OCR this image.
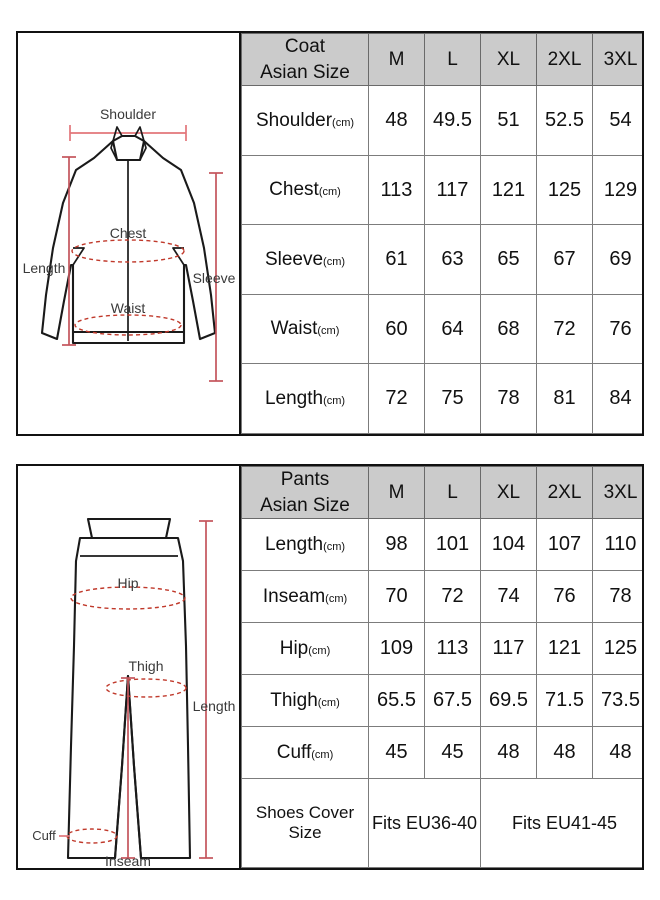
Chest
Waist
Length
Sleeve
Shoulder
Coat
Asian Size	M	L	XL	2XL	3XL
Shoulder(cm)	48	49.5	51	52.5	54
Chest(cm)	113	117	121	125	129
Sleeve(cm)	61	63	65	67	69
Waist(cm)	60	64	68	72	76
Length(cm)	72	75	78	81	84
Hip
Thigh
Cuff
Length
Inseam
Pants
Asian Size	M	L	XL	2XL	3XL
Length(cm)	98	101	104	107	110
Inseam(cm)	70	72	74	76	78
Hip(cm)	109	113	117	121	125
Thigh(cm)	65.5	67.5	69.5	71.5	73.5
Cuff(cm)	45	45	48	48	48
Shoes Cover Size	Fits EU36-40		Fits EU41-45		
